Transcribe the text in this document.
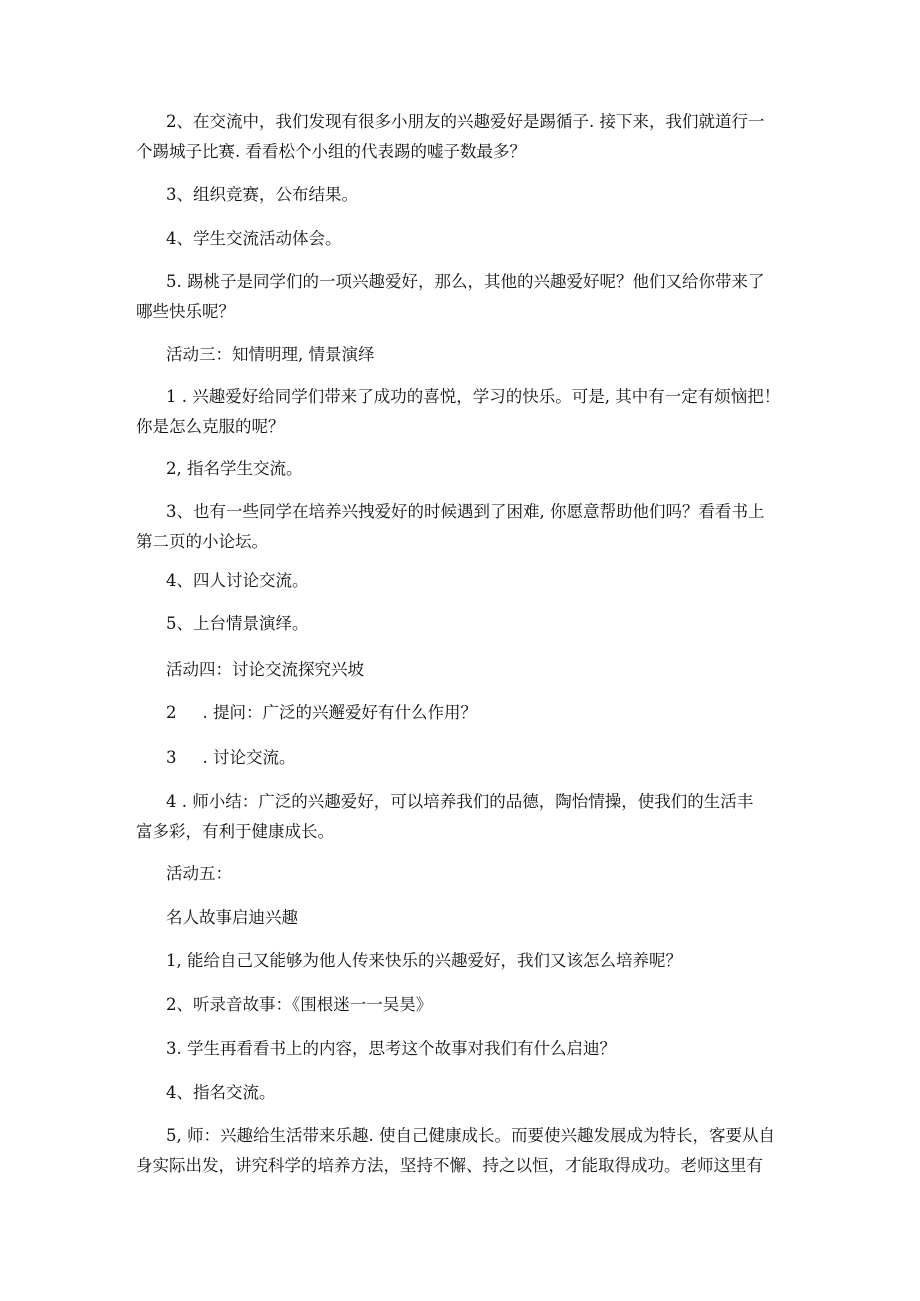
2、在交流中，我们发现有很多小朋友的兴趣爱好是踢循子. 接下来，我们就道行一
个踢城子比赛. 看看松个小组的代表踢的嘘子数最多？
3、组织竞赛，公布结果。
4、学生交流活动体会。
5. 踢桃子是同学们的一项兴趣爱好，那么，其他的兴趣爱好呢？他们又给你带来了
哪些快乐呢？
活动三：知情明理, 情景演绎
1 . 兴趣爱好给同学们带来了成功的喜悦，学习的快乐。可是, 其中有一定有烦恼把！
你是怎么克服的呢？
2, 指名学生交流。
3、也有一些同学在培养兴拽爱好的时候遇到了困难, 你愿意帮助他们吗？看看书上
第二页的小论坛。
4、四人讨论交流。
5、上台情景演绎。
活动四：讨论交流探究兴坡
2 . 提问：广泛的兴邂爱好有什么作用？
3 . 讨论交流。
4 . 师小结：广泛的兴趣爱好，可以培养我们的品德，陶怡情操，使我们的生活丰
富多彩，有利于健康成长。
活动五：
名人故事启迪兴趣
1, 能给自己又能够为他人传来快乐的兴趣爱好，我们又该怎么培养呢？
2、听录音故事：《围根迷一一吴昊》
3. 学生再看看书上的内容，思考这个故事对我们有什么启迪？
4、指名交流。
5, 师：兴趣给生活带来乐趣. 使自己健康成长。而要使兴趣发展成为特长，客要从自
身实际出发，讲究科学的培养方法，坚持不懈、持之以恒，才能取得成功。老师这里有
